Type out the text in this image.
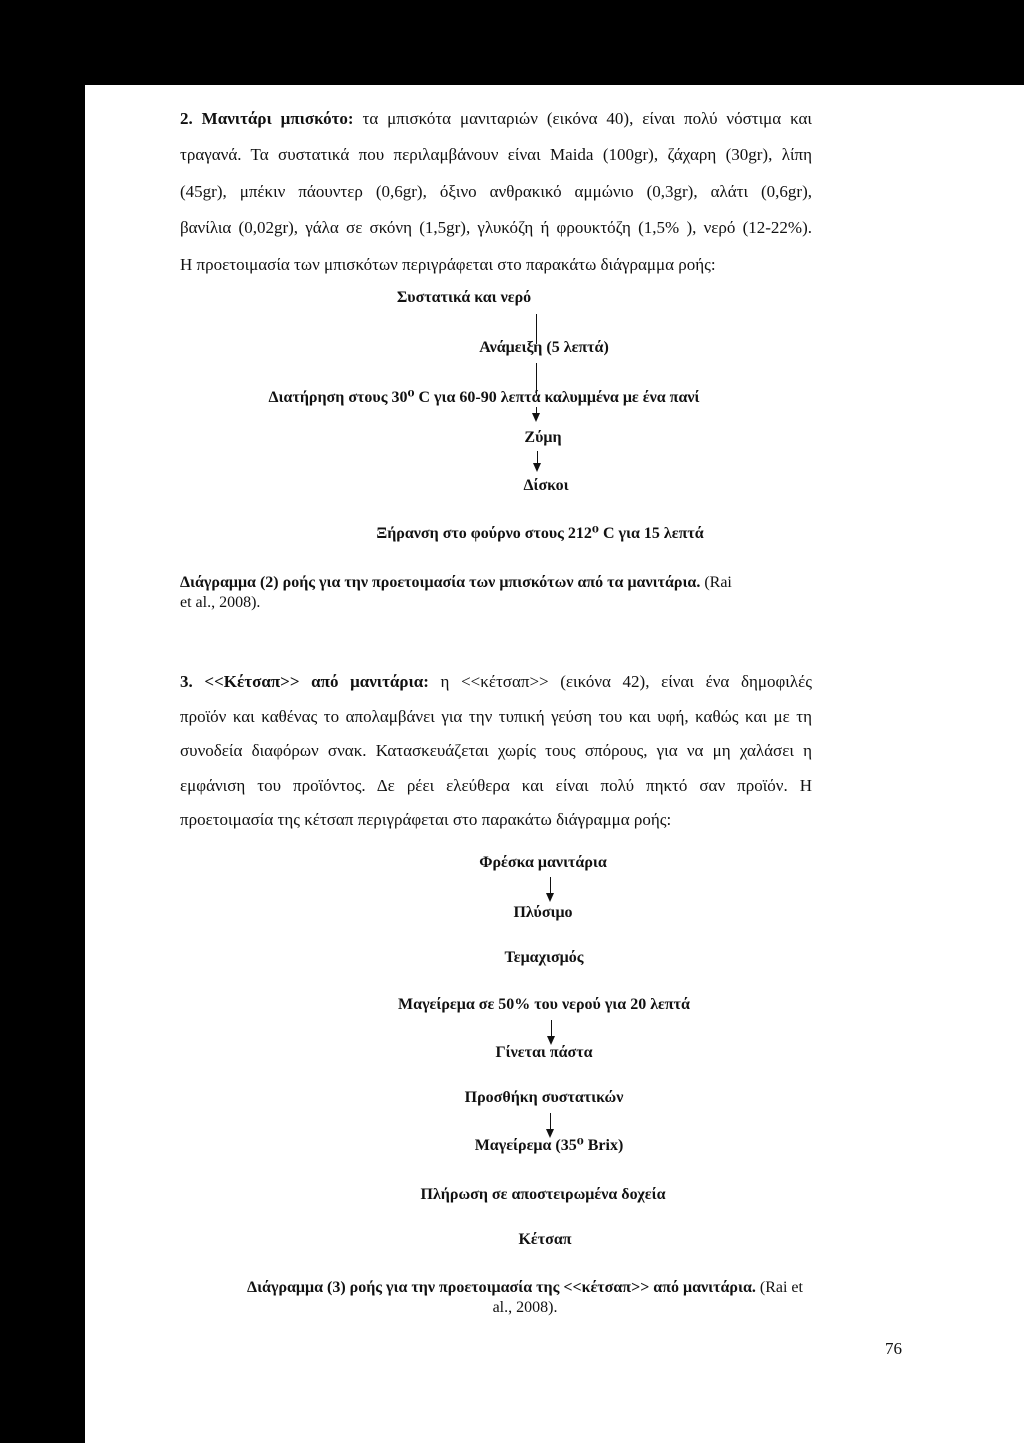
2. Μανιτάρι μπισκότο: τα μπισκότα μανιταριών (εικόνα 40), είναι πολύ νόστιμα και
τραγανά. Τα συστατικά που περιλαμβάνουν είναι Maida (100gr), ζάχαρη (30gr), λίπη
(45gr), μπέκιν πάουντερ (0,6gr), όξινο ανθρακικό αμμώνιο (0,3gr), αλάτι (0,6gr),
βανίλια (0,02gr), γάλα σε σκόνη (1,5gr), γλυκόζη ή φρουκτόζη (1,5% ), νερό (12-22%).
Η προετοιμασία των μπισκότων περιγράφεται στο παρακάτω διάγραμμα ροής:
Συστατικά και νερό
Ανάμειξη (5 λεπτά)
Διατήρηση στους 30⁰ C για 60-90 λεπτά καλυμμένα με ένα πανί
Ζύμη
Δίσκοι
Ξήρανση στο φούρνο στους 212⁰ C για 15 λεπτά
Διάγραμμα (2) ροής για την προετοιμασία των μπισκότων από τα μανιτάρια. (Rai
et al., 2008).
3. <<Κέτσαπ>> από μανιτάρια: η <<κέτσαπ>> (εικόνα 42), είναι ένα δημοφιλές
προϊόν και καθένας το απολαμβάνει για την τυπική γεύση του και υφή, καθώς και με τη
συνοδεία διαφόρων σνακ. Κατασκευάζεται χωρίς τους σπόρους, για να μη χαλάσει η
εμφάνιση του προϊόντος. Δε ρέει ελεύθερα και είναι πολύ πηκτό σαν προϊόν. Η
προετοιμασία της κέτσαπ περιγράφεται στο παρακάτω διάγραμμα ροής:
Φρέσκα μανιτάρια
Πλύσιμο
Τεμαχισμός
Μαγείρεμα σε 50% του νερού για 20 λεπτά
Γίνεται πάστα
Προσθήκη συστατικών
Μαγείρεμα (35⁰ Brix)
Πλήρωση σε αποστειρωμένα δοχεία
Κέτσαπ
Διάγραμμα (3) ροής για την προετοιμασία της <<κέτσαπ>> από μανιτάρια. (Rai et
al., 2008).
76
